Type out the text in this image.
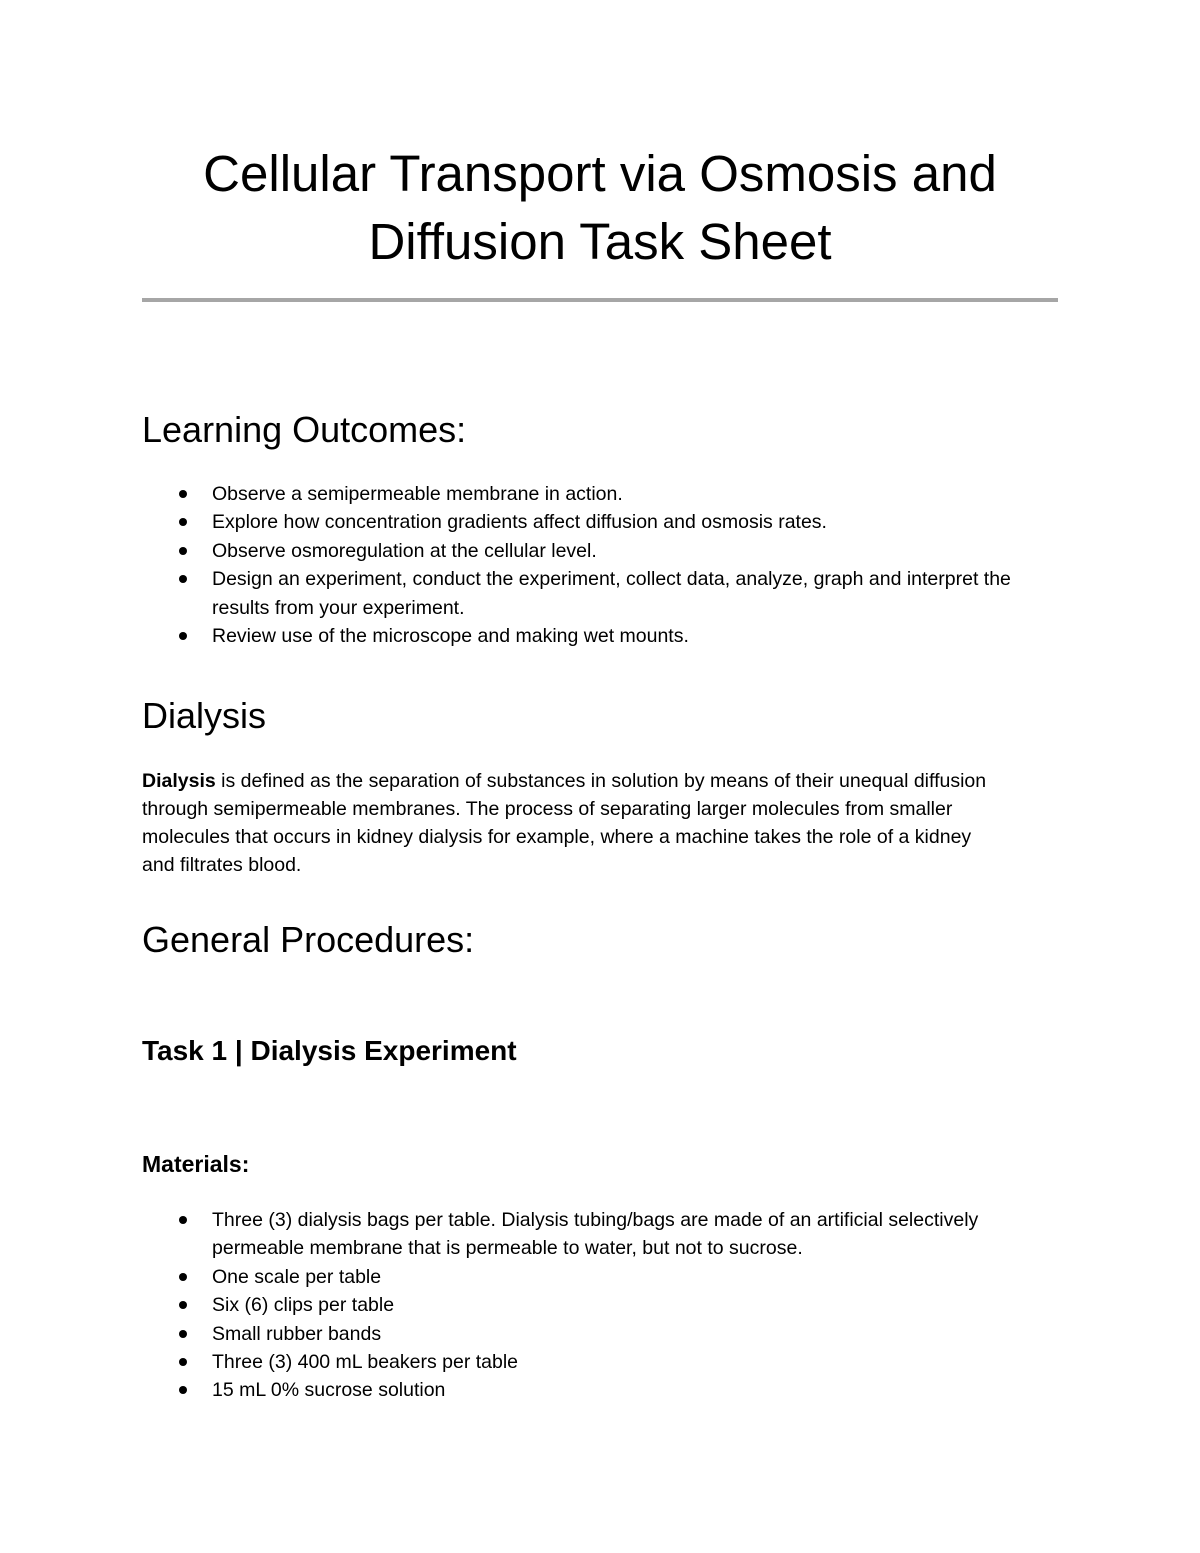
Cellular Transport via Osmosis and
Diffusion Task Sheet
Learning Outcomes:
Observe a semipermeable membrane in action.
Explore how concentration gradients affect diffusion and osmosis rates.
Observe osmoregulation at the cellular level.
Design an experiment, conduct the experiment, collect data, analyze, graph and interpret the results from your experiment.
Review use of the microscope and making wet mounts.
Dialysis

Dialysis is defined as the separation of substances in solution by means of their unequal diffusion through semipermeable membranes. The process of separating larger molecules from smaller molecules that occurs in kidney dialysis for example, where a machine takes the role of a kidney and filtrates blood.

General Procedures:
Task 1 | Dialysis Experiment
Materials:
Three (3) dialysis bags per table. Dialysis tubing/bags are made of an artificial selectively permeable membrane that is permeable to water, but not to sucrose.
One scale per table
Six (6) clips per table
Small rubber bands
Three (3) 400 mL beakers per table
15 mL 0% sucrose solution
